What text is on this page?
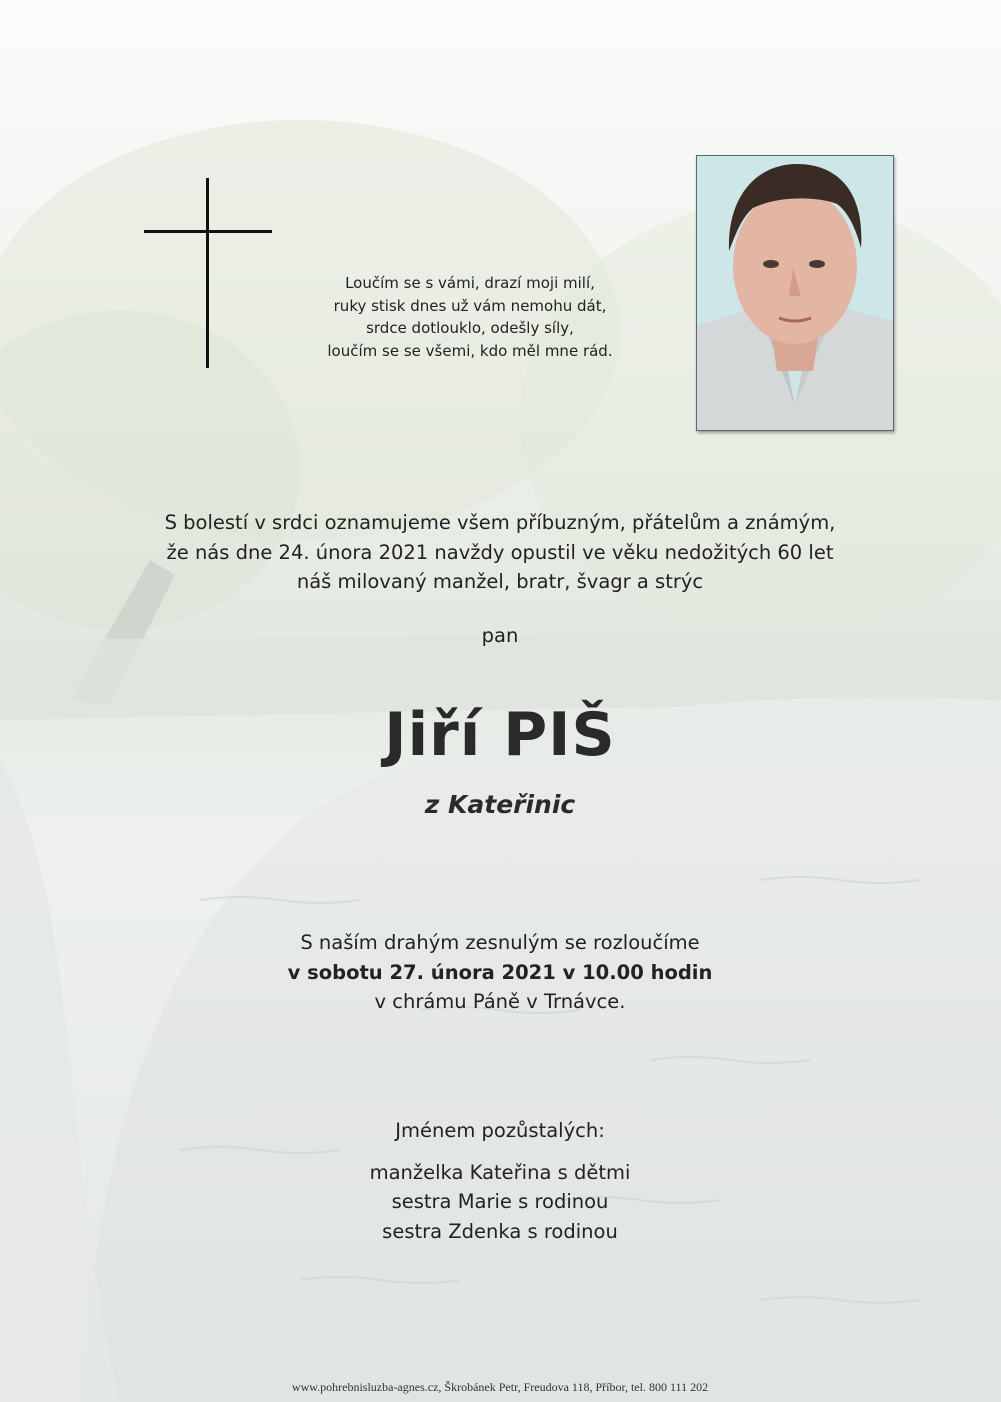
Loučím se s vámi, drazí moji milí,
ruky stisk dnes už vám nemohu dát,
srdce dotlouklo, odešly síly,
loučím se se všemi, kdo měl mne rád.
S bolestí v srdci oznamujeme všem příbuzným, přátelům a známým,
že nás dne 24. února 2021 navždy opustil ve věku nedožitých 60 let
náš milovaný manžel, bratr, švagr a strýc
pan
Jiří PIŠ
z Kateřinic
S naším drahým zesnulým se rozloučíme
v sobotu 27. února 2021 v 10.00 hodin
v chrámu Páně v Trnávce.
Jménem pozůstalých:
manželka Kateřina s dětmi
sestra Marie s rodinou
sestra Zdenka s rodinou
www.pohrebnisluzba-agnes.cz, Škrobánek Petr, Freudova 118, Příbor, tel. 800 111 202
